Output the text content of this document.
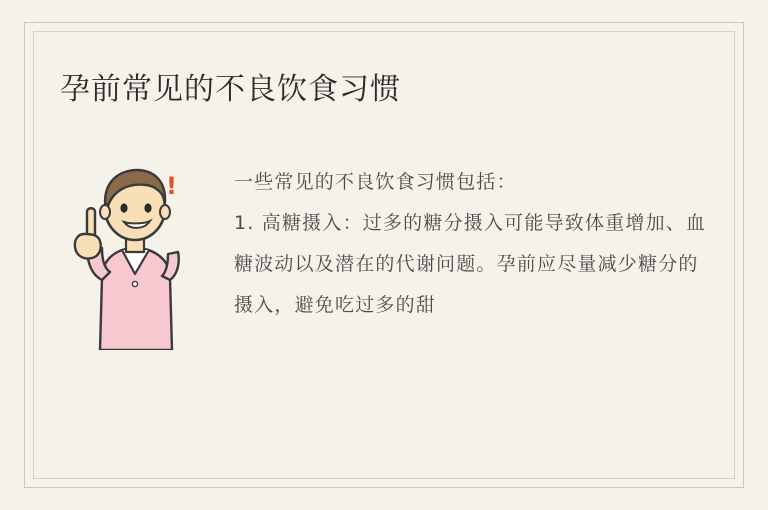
孕前常见的不良饮食习惯
!	一些常见的不良饮食习惯包括：

1. 高糖摄入：过多的糖分摄入可能导致体重增加、血糖波动以及潜在的代谢问题。孕前应尽量减少糖分的摄入，避免吃过多的甜
